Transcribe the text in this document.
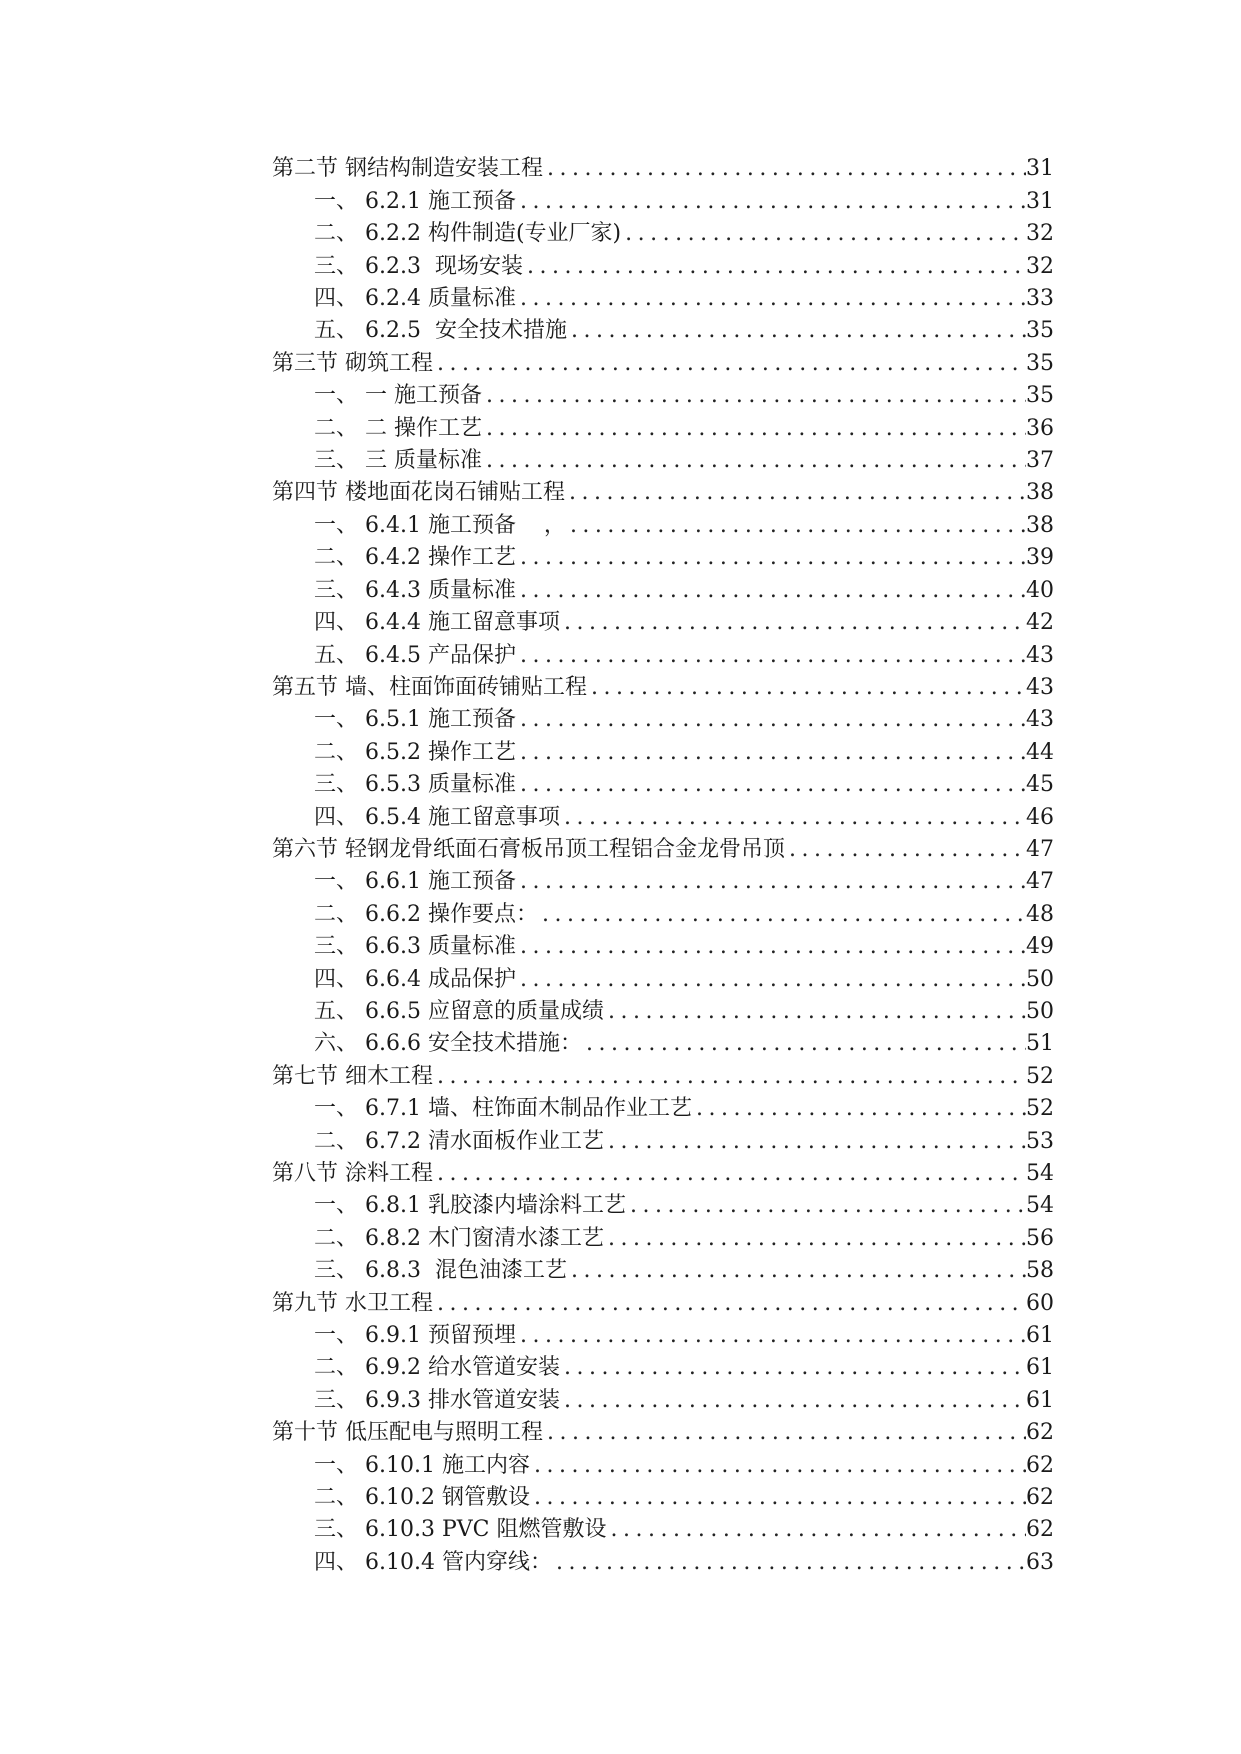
第二节 钢结构制造安装工程 .....	31
一、 6.2.1 施工预备 .....	31
二、 6.2.2 构件制造(专业厂家) .....	32
三、 6.2.3  现场安装 .....	32
四、 6.2.4 质量标准 .....	33
五、 6.2.5  安全技术措施 .....	35
第三节 砌筑工程 .....	35
一、 一 施工预备 .....	35
二、 二 操作工艺 .....	36
三、 三 质量标准 .....	37
第四节 楼地面花岗石铺贴工程 .....	38
一、 6.4.1 施工预备    ， .....	38
二、 6.4.2 操作工艺 .....	39
三、 6.4.3 质量标准 .....	40
四、 6.4.4 施工留意事项 .....	42
五、 6.4.5 产品保护 .....	43
第五节 墙、柱面饰面砖铺贴工程 .....	43
一、 6.5.1 施工预备 .....	43
二、 6.5.2 操作工艺 .....	44
三、 6.5.3 质量标准 .....	45
四、 6.5.4 施工留意事项 .....	46
第六节 轻钢龙骨纸面石膏板吊顶工程铝合金龙骨吊顶 .....	47
一、 6.6.1 施工预备 .....	47
二、 6.6.2 操作要点： .....	48
三、 6.6.3 质量标准 .....	49
四、 6.6.4 成品保护 .....	50
五、 6.6.5 应留意的质量成绩 .....	50
六、 6.6.6 安全技术措施： .....	51
第七节 细木工程 .....	52
一、 6.7.1 墙、柱饰面木制品作业工艺 .....	52
二、 6.7.2 清水面板作业工艺 .....	53
第八节 涂料工程 .....	54
一、 6.8.1 乳胶漆内墙涂料工艺 .....	54
二、 6.8.2 木门窗清水漆工艺 .....	56
三、 6.8.3  混色油漆工艺 .....	58
第九节 水卫工程 .....	60
一、 6.9.1 预留预埋 .....	61
二、 6.9.2 给水管道安装 .....	61
三、 6.9.3 排水管道安装 .....	61
第十节 低压配电与照明工程 .....	62
一、 6.10.1 施工内容 .....	62
二、 6.10.2 钢管敷设 .....	62
三、 6.10.3 PVC 阻燃管敷设 .....	62
四、 6.10.4 管内穿线： .....	63
